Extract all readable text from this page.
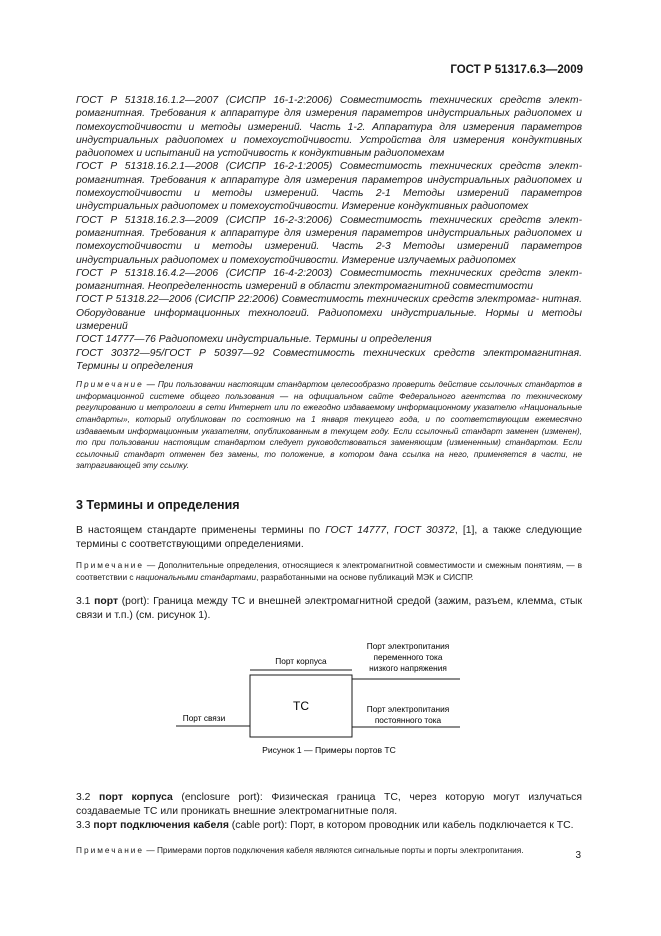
ГОСТ Р 51317.6.3—2009

ГОСТ Р 51318.16.1.2—2007 (СИСПР 16-1-2:2006) Совместимость технических средств элект- ромагнитная. Требования к аппаратуре для измерения параметров индустриальных радиопомех и помехоустойчивости и методы измерений. Часть 1-2. Аппаратура для измерения параметров индустриальных радиопомех и помехоустойчивости. Устройства для измерения кондуктивных радиопомех и испытаний на устойчивость к кондуктивным радиопомехам

ГОСТ Р 51318.16.2.1—2008 (СИСПР 16-2-1:2005) Совместимость технических средств элект- ромагнитная. Требования к аппаратуре для измерения параметров индустриальных радиопомех и помехоустойчивости и методы измерений. Часть 2-1 Методы измерений параметров индустриальных радиопомех и помехоустойчивости. Измерение кондуктивных радиопомех

ГОСТ Р 51318.16.2.3—2009 (СИСПР 16-2-3:2006) Совместимость технических средств элект- ромагнитная. Требования к аппаратуре для измерения параметров индустриальных радиопомех и помехоустойчивости и методы измерений. Часть 2-3 Методы измерений параметров индустриальных радиопомех и помехоустойчивости. Измерение излучаемых радиопомех

ГОСТ Р 51318.16.4.2—2006 (СИСПР 16-4-2:2003) Совместимость технических средств элект- ромагнитная. Неопределенность измерений в области электромагнитной совместимости

ГОСТ Р 51318.22—2006 (СИСПР 22:2006) Совместимость технических средств электромаг- нитная. Оборудование информационных технологий. Радиопомехи индустриальные. Нормы и методы измерений

ГОСТ 14777—76 Радиопомехи индустриальные. Термины и определения

ГОСТ 30372—95/ГОСТ Р 50397—92 Совместимость технических средств электромагнитная. Термины и определения

Примечание — При пользовании настоящим стандартом целесообразно проверить действие ссылочных стандартов в информационной системе общего пользования — на официальном сайте Федерального агентства по техническому регулированию и метрологии в сети Интернет или по ежегодно издаваемому информационному указателю «Национальные стандарты», который опубликован по состоянию на 1 января текущего года, и по соответствующим ежемесячно издаваемым информационным указателям, опубликованным в текущем году. Если ссылочный стандарт заменен (изменен), то при пользовании настоящим стандартом следует руководствоваться заменяющим (измененным) стандартом. Если ссылочный стандарт отменен без замены, то положение, в котором дана ссылка на него, применяется в части, не затрагивающей эту ссылку.

3 Термины и определения

В настоящем стандарте применены термины по ГОСТ 14777, ГОСТ 30372, [1], а также следующие термины с соответствующими определениями.

Примечание — Дополнительные определения, относящиеся к электромагнитной совместимости и смежным понятиям, — в соответствии с национальными стандартами, разработанными на основе публикаций МЭК и СИСПР.

3.1 порт (port): Граница между ТС и внешней электромагнитной средой (зажим, разъем, клемма, стык связи и т.п.) (см. рисунок 1).

ТС
Порт корпуса
Порт связи
Порт электропитания
переменного тока
низкого напряжения
Порт электропитания
постоянного тока
Рисунок 1 — Примеры портов ТС

3.2 порт корпуса (enclosure port): Физическая граница ТС, через которую могут излучаться создаваемые ТС или проникать внешние электромагнитные поля.

3.3 порт подключения кабеля (cable port): Порт, в котором проводник или кабель подключается к ТС.

Примечание — Примерами портов подключения кабеля являются сигнальные порты и порты электропитания.	3
